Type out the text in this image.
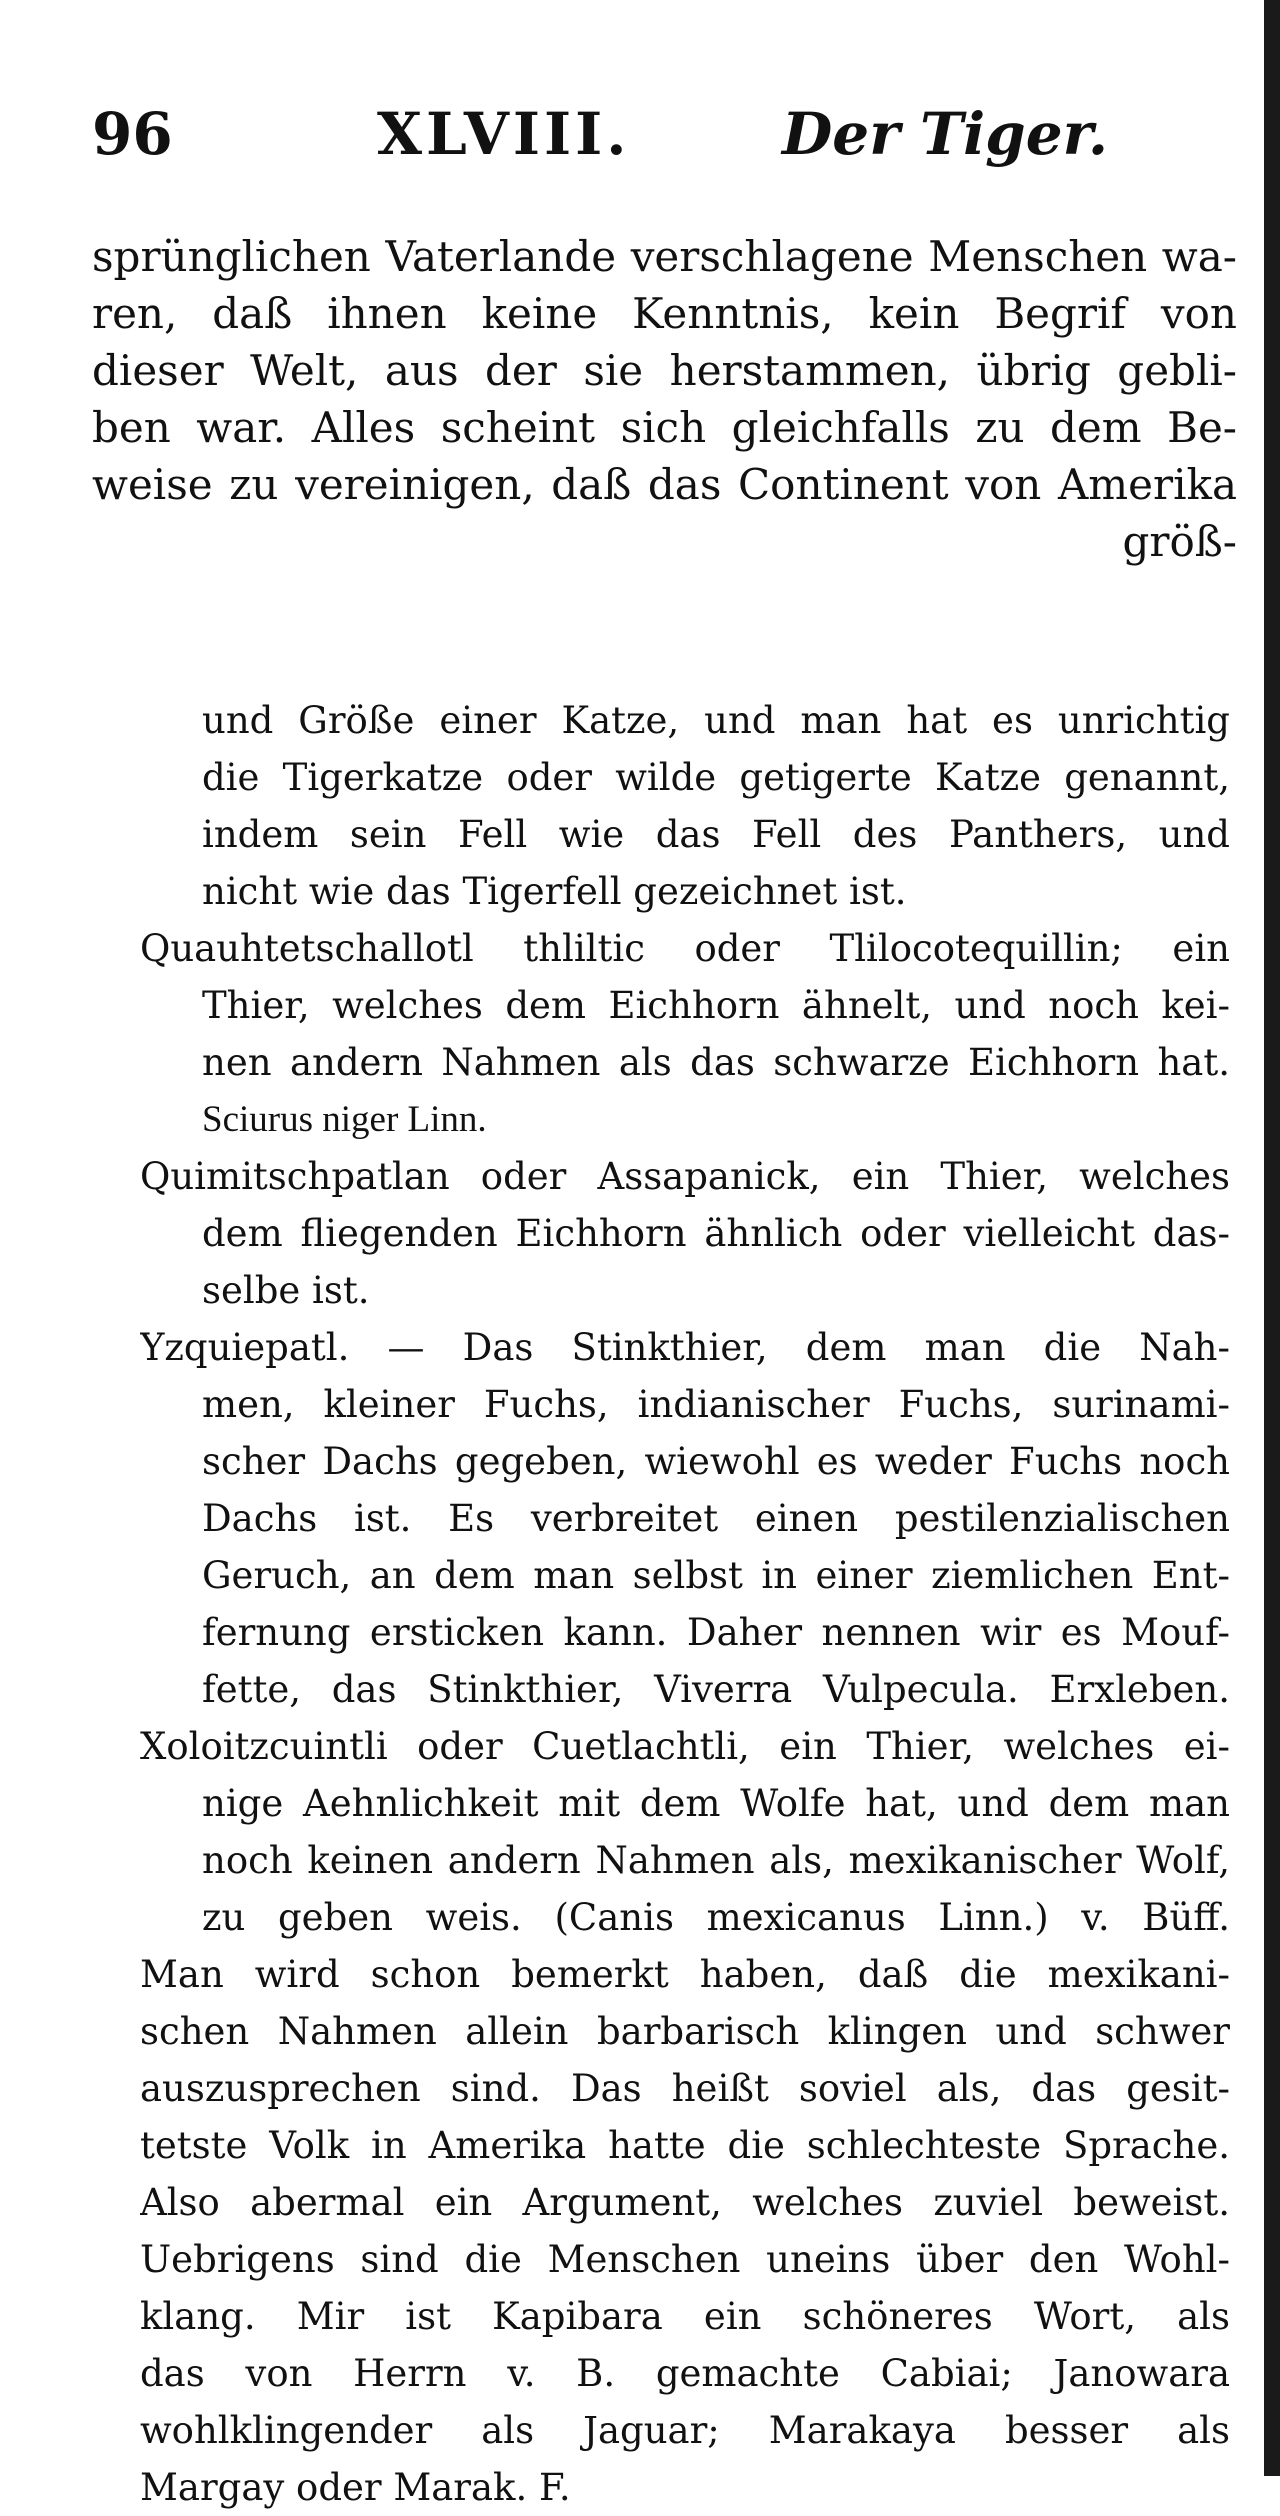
96	XLVIII.	Der Tiger.
sprünglichen Vaterlande verschlagene Menschen wa-
ren, daß ihnen keine Kenntnis, kein Begrif von
dieser Welt, aus der sie herstammen, übrig gebli-
ben war. Alles scheint sich gleichfalls zu dem Be-
weise zu vereinigen, daß das Continent von Amerika
größ-
und Größe einer Katze, und man hat es unrichtig
die Tigerkatze oder wilde getigerte Katze genannt,
indem sein Fell wie das Fell des Panthers, und
nicht wie das Tigerfell gezeichnet ist.
Quauhtetschallotl thliltic oder Tlilocotequillin; ein
Thier, welches dem Eichhorn ähnelt, und noch kei-
nen andern Nahmen als das schwarze Eichhorn hat.
Sciurus niger Linn.
Quimitschpatlan oder Assapanick, ein Thier, welches
dem fliegenden Eichhorn ähnlich oder vielleicht das-
selbe ist.
Yzquiepatl. — Das Stinkthier, dem man die Nah-
men, kleiner Fuchs, indianischer Fuchs, surinami-
scher Dachs gegeben, wiewohl es weder Fuchs noch
Dachs ist. Es verbreitet einen pestilenzialischen
Geruch, an dem man selbst in einer ziemlichen Ent-
fernung ersticken kann. Daher nennen wir es Mouf-
fette, das Stinkthier, Viverra Vulpecula. Erxleben.
Xoloitzcuintli oder Cuetlachtli, ein Thier, welches ei-
nige Aehnlichkeit mit dem Wolfe hat, und dem man
noch keinen andern Nahmen als, mexikanischer Wolf,
zu geben weis. (Canis mexicanus Linn.) v. Büff.
Man wird schon bemerkt haben, daß die mexikani-
schen Nahmen allein barbarisch klingen und schwer
auszusprechen sind. Das heißt soviel als, das gesit-
tetste Volk in Amerika hatte die schlechteste Sprache.
Also abermal ein Argument, welches zuviel beweist.
Uebrigens sind die Menschen uneins über den Wohl-
klang. Mir ist Kapibara ein schöneres Wort, als
das von Herrn v. B. gemachte Cabiai; Janowara
wohlklingender als Jaguar; Marakaya besser als
Margay oder Marak. F.
